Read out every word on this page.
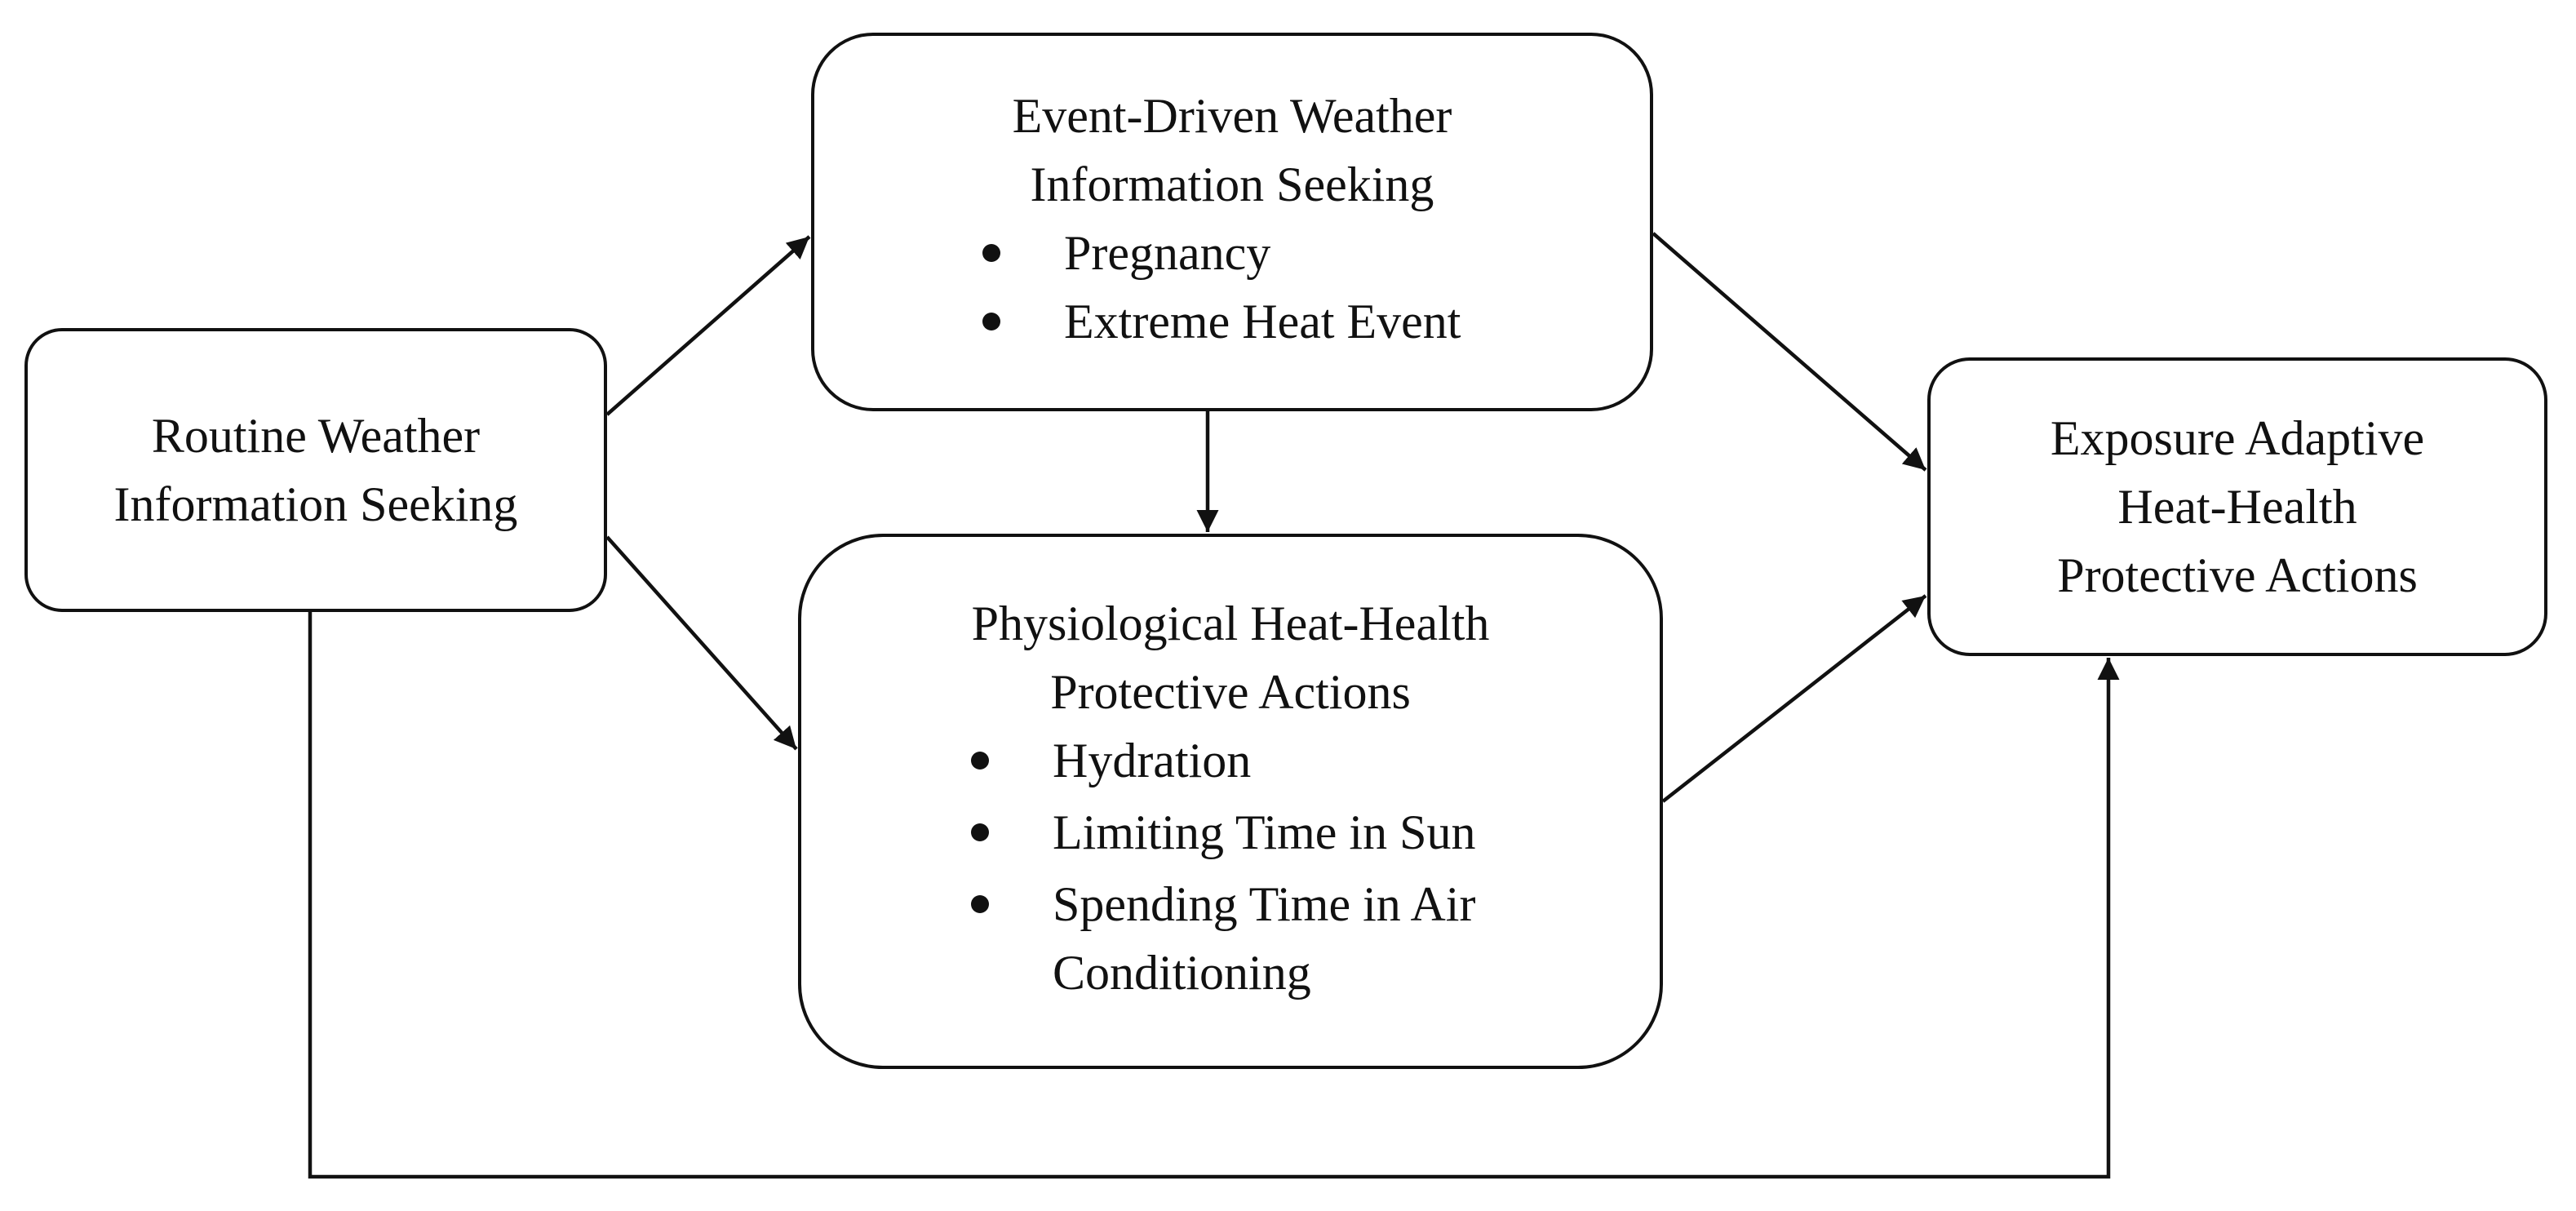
Routine Weather
Information Seeking
Event-Driven Weather
Information Seeking
Pregnancy
Extreme Heat Event
Physiological Heat-Health
Protective Actions
Hydration
Limiting Time in Sun
Spending Time in Air
Conditioning
Exposure Adaptive
Heat-Health
Protective Actions
